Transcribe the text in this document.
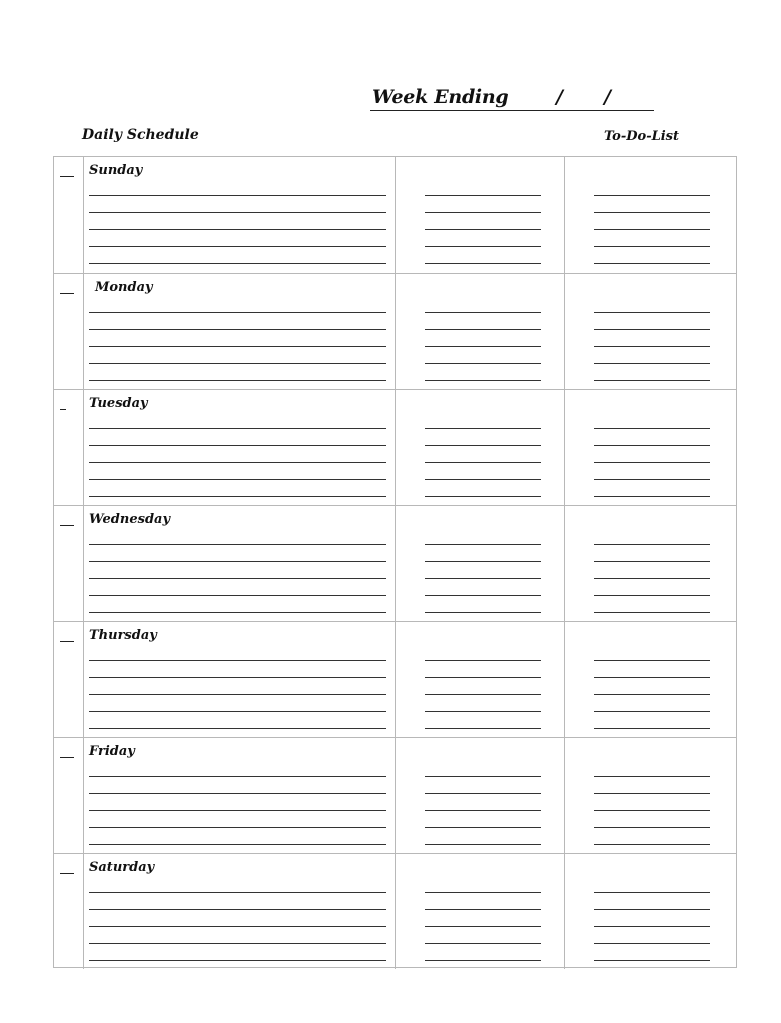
Week Ending	/ /
Daily Schedule	To-Do-List
Sunday
Monday
Tuesday
Wednesday
Thursday
Friday
Saturday
